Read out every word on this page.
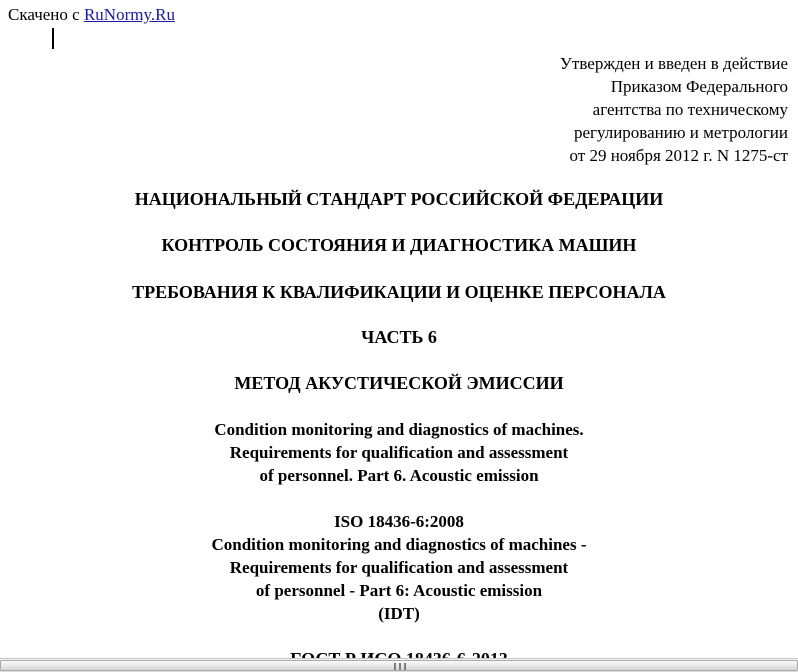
Скачено с RuNormy.Ru
Утвержден и введен в действие
Приказом Федерального
агентства по техническому
регулированию и метрологии
от 29 ноября 2012 г. N 1275-ст
НАЦИОНАЛЬНЫЙ СТАНДАРТ РОССИЙСКОЙ ФЕДЕРАЦИИ
КОНТРОЛЬ СОСТОЯНИЯ И ДИАГНОСТИКА МАШИН
ТРЕБОВАНИЯ К КВАЛИФИКАЦИИ И ОЦЕНКЕ ПЕРСОНАЛА
ЧАСТЬ 6
МЕТОД АКУСТИЧЕСКОЙ ЭМИССИИ
Condition monitoring and diagnostics of machines.
Requirements for qualification and assessment
of personnel. Part 6. Acoustic emission
ISO 18436-6:2008
Condition monitoring and diagnostics of machines -
Requirements for qualification and assessment
of personnel - Part 6: Acoustic emission
(IDT)
